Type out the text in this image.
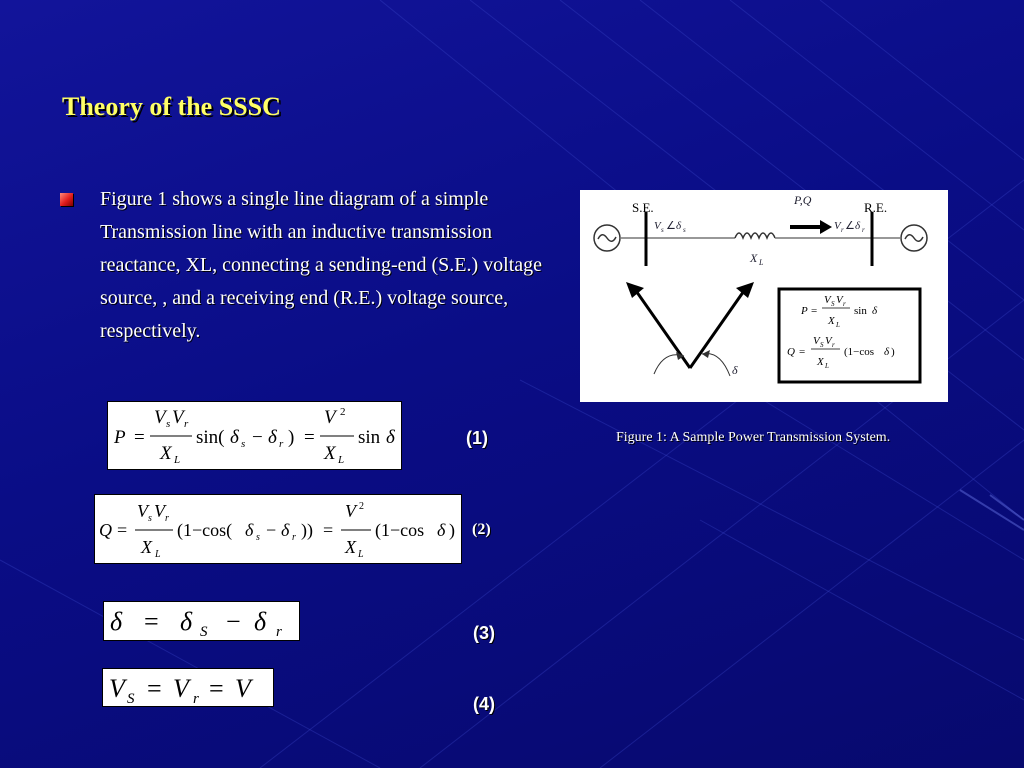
Theory of the SSSC

Figure 1 shows a single line diagram of a simple Transmission line with an inductive transmission reactance, XL, connecting a sending-end (S.E.) voltage source, , and a receiving end (R.E.) voltage source, respectively.

P =
V s V r
X L
sin( δ s − δ r ) =
V 2
X L
sin δ	(1)
Q =
V s V r
X L
(1−cos( δ s − δ r )) =
V 2
X L
(1−cos δ ) (2)
δ = δ S − δ r	(3)
V S = V r = V
(4)
S.E.	R.E.
P,Q
V s ∠ δ s	V r ∠ δ r
X L
δ
P =
V S V r
X L
sin δ
Q =
V S V r
X L
(1−cos δ )

Figure 1: A Sample Power Transmission System.
